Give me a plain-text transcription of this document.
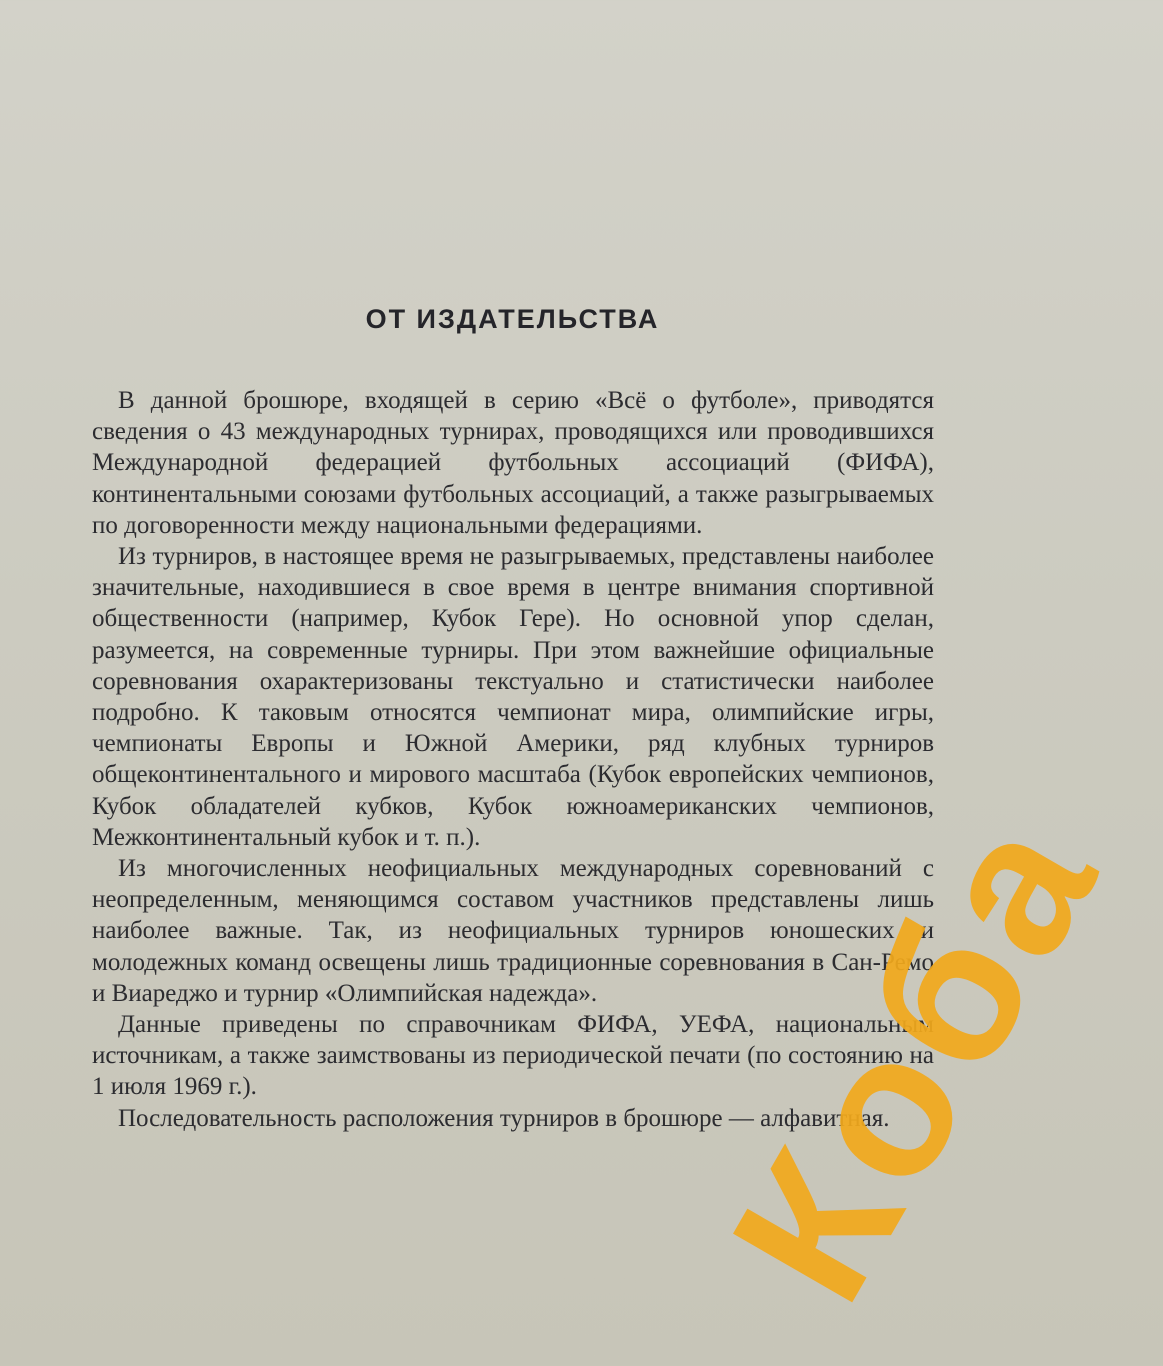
ОТ ИЗДАТЕЛЬСТВА

В данной брошюре, входящей в серию «Всё о футболе», приводятся сведения о 43 международных турнирах, проводящихся или проводившихся Международной федерацией футбольных ассоциаций (ФИФА), континентальными союзами футбольных ассоциаций, а также разыгрываемых по договоренности между национальными федерациями.

Из турниров, в настоящее время не разыгрываемых, представлены наиболее значительные, находившиеся в свое время в центре внимания спортивной общественности (например, Кубок Гере). Но основной упор сделан, разумеется, на современные турниры. При этом важнейшие официальные соревнования охарактеризованы текстуально и статистически наиболее подробно. К таковым относятся чемпионат мира, олимпийские игры, чемпионаты Европы и Южной Америки, ряд клубных турниров общеконтинентального и мирового масштаба (Кубок европейских чемпионов, Кубок обладателей кубков, Кубок южноамериканских чемпионов, Межконтинентальный кубок и т. п.).

Из многочисленных неофициальных международных соревнований с неопределенным, меняющимся составом участников представлены лишь наиболее важные. Так, из неофициальных турниров юношеских и молодежных команд освещены лишь традиционные соревнования в Сан-Ремо и Виареджо и турнир «Олимпийская надежда».

Данные приведены по справочникам ФИФА, УЕФА, национальным источникам, а также заимствованы из периодической печати (по состоянию на 1 июля 1969 г.).

Последовательность расположения турниров в брошюре — алфавитная.

Коба
